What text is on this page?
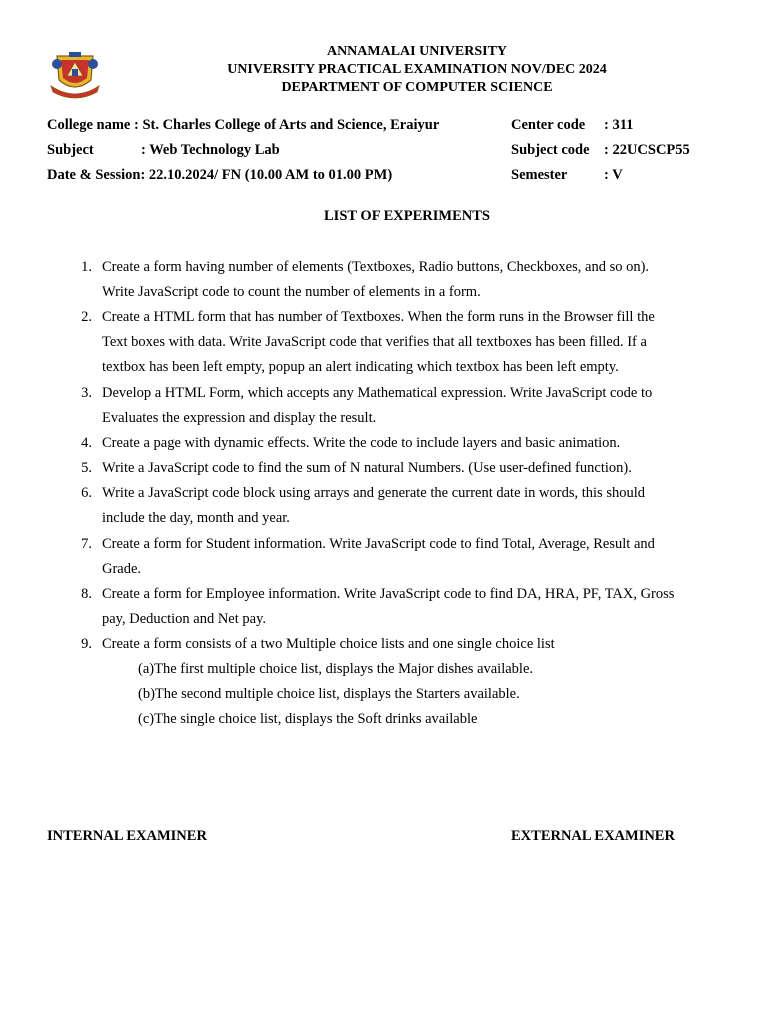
ANNAMALAI UNIVERSITY
UNIVERSITY PRACTICAL EXAMINATION NOV/DEC 2024
DEPARTMENT OF COMPUTER SCIENCE
College name : St. Charles College of Arts and Science, Eraiyur
Subject	: Web Technology Lab
Date & Session: 22.10.2024/ FN (10.00 AM to 01.00 PM)
Center code : 311
Subject code : 22UCSCP55
Semester	: V
LIST OF EXPERIMENTS
1. Create a form having number of elements (Textboxes, Radio buttons, Checkboxes, and so on).
Write JavaScript code to count the number of elements in a form.
2. Create a HTML form that has number of Textboxes. When the form runs in the Browser fill the
Text boxes with data. Write JavaScript code that verifies that all textboxes has been filled. If a
textbox has been left empty, popup an alert indicating which textbox has been left empty.
3. Develop a HTML Form, which accepts any Mathematical expression. Write JavaScript code to
Evaluates the expression and display the result.
4. Create a page with dynamic effects. Write the code to include layers and basic animation.
5. Write a JavaScript code to find the sum of N natural Numbers. (Use user-defined function).
6. Write a JavaScript code block using arrays and generate the current date in words, this should
include the day, month and year.
7. Create a form for Student information. Write JavaScript code to find Total, Average, Result and
Grade.
8. Create a form for Employee information. Write JavaScript code to find DA, HRA, PF, TAX, Gross
pay, Deduction and Net pay.
9. Create a form consists of a two Multiple choice lists and one single choice list
(a)The first multiple choice list, displays the Major dishes available.
(b)The second multiple choice list, displays the Starters available.
(c)The single choice list, displays the Soft drinks available
INTERNAL EXAMINER	EXTERNAL EXAMINER
